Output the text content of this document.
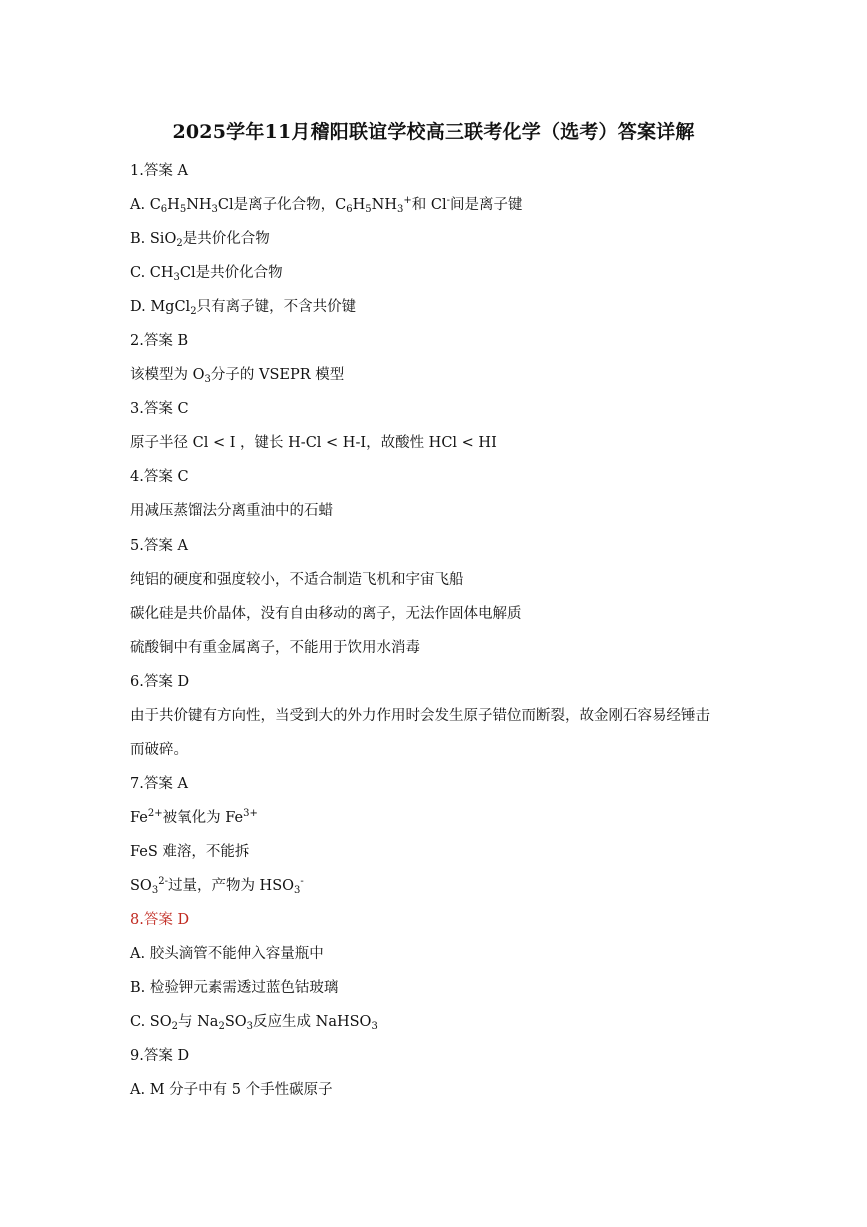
2025学年11月稽阳联谊学校高三联考化学（选考）答案详解
1.答案 A
A. $C_6H_5NH_3Cl$是离子化合物，$C_6H_5NH_3^+$和 Cl-间是离子键
B. SiO$_2$是共价化合物
C. $CH_3Cl$是共价化合物
D. MgCl$_2$只有离子键，不含共价键
2.答案 B
该模型为 $O_3$分子的 VSEPR 模型
3.答案 C
原子半径 Cl < I ，键长 H-Cl < H-I，故酸性 HCl < HI
4.答案 C
用减压蒸馏法分离重油中的石蜡
5.答案 A
纯铝的硬度和强度较小，不适合制造飞机和宇宙飞船
碳化硅是共价晶体，没有自由移动的离子，无法作固体电解质
硫酸铜中有重金属离子，不能用于饮用水消毒
6.答案 D
由于共价键有方向性，当受到大的外力作用时会发生原子错位而断裂，故金刚石容易经锤击
而破碎。
7.答案 A
$Fe^{2+}$被氧化为 $Fe^{3+}$
FeS 难溶，不能拆
$SO_3^{2-}$过量，产物为 $HSO_3^-$
8.答案 D
A. 胶头滴管不能伸入容量瓶中
B. 检验钾元素需透过蓝色钴玻璃
C. $SO_2$与 $Na_2SO_3$反应生成 NaHSO$_3$
9.答案 D
A. M 分子中有 5 个手性碳原子
